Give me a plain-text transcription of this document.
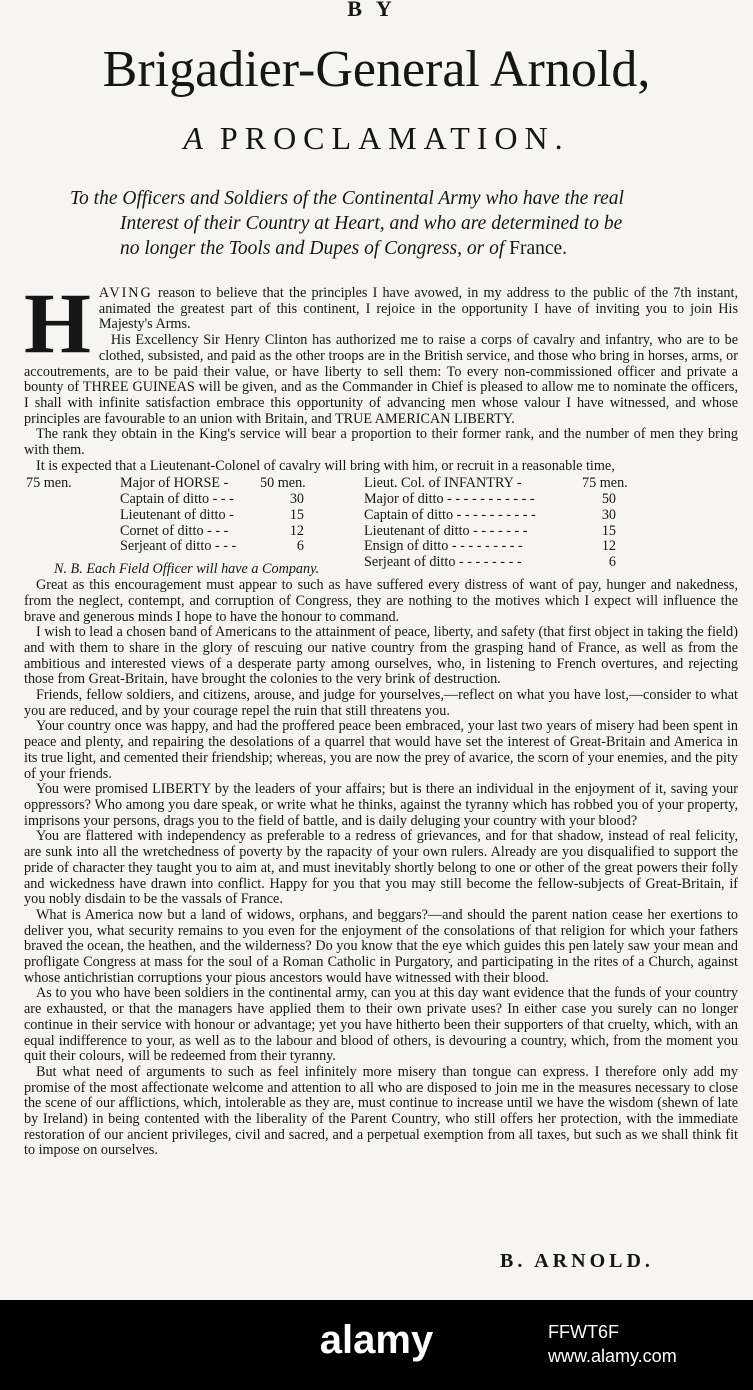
BY
Brigadier-General Arnold,
A PROCLAMATION.
To the Officers and Soldiers of the Continental Army who have the real
Interest of their Country at Heart, and who are determined to be
no longer the Tools and Dupes of Congress, or of France.

H AVING reason to believe that the principles I have avowed, in my address to the public of the 7th instant, animated the greatest part of this continent, I rejoice in the opportunity I have of inviting you to join His Majesty's Arms.

His Excellency Sir Henry Clinton has authorized me to raise a corps of cavalry and infantry, who are to be clothed, subsisted, and paid as the other troops are in the British service, and those who bring in horses, arms, or accoutrements, are to be paid their value, or have liberty to sell them: To every non-commissioned officer and private a bounty of THREE GUINEAS will be given, and as the Commander in Chief is pleased to allow me to nominate the officers, I shall with infinite satisfaction embrace this opportunity of advancing men whose valour I have witnessed, and whose principles are favourable to an union with Britain, and TRUE AMERICAN LIBERTY.

The rank they obtain in the King's service will bear a proportion to their former rank, and the number of men they bring with them.

It is expected that a Lieutenant-Colonel of cavalry will bring with him, or recruit in a reasonable time,

75 men.	Major of HORSE - 50 men.
Captain of ditto - - -	30
Lieutenant of ditto -	15
Cornet of ditto - - -	12
Serjeant of ditto - - -	6
Lieut. Col. of INFANTRY -	75 men.
Major of ditto - - - - - - - - - - -	50
Captain of ditto - - - - - - - - - -	30
Lieutenant of ditto - - - - - - -	15
Ensign of ditto - - - - - - - - -	12
Serjeant of ditto - - - - - - - -	6
N. B. Each Field Officer will have a Company.

Great as this encouragement must appear to such as have suffered every distress of want of pay, hunger and nakedness, from the neglect, contempt, and corruption of Congress, they are nothing to the motives which I expect will influence the brave and generous minds I hope to have the honour to command.

I wish to lead a chosen band of Americans to the attainment of peace, liberty, and safety (that first object in taking the field) and with them to share in the glory of rescuing our native country from the grasping hand of France, as well as from the ambitious and interested views of a desperate party among ourselves, who, in listening to French overtures, and rejecting those from Great-Britain, have brought the colonies to the very brink of destruction.

Friends, fellow soldiers, and citizens, arouse, and judge for yourselves,—reflect on what you have lost,—consider to what you are reduced, and by your courage repel the ruin that still threatens you.

Your country once was happy, and had the proffered peace been embraced, your last two years of misery had been spent in peace and plenty, and repairing the desolations of a quarrel that would have set the interest of Great-Britain and America in its true light, and cemented their friendship; whereas, you are now the prey of avarice, the scorn of your enemies, and the pity of your friends.

You were promised LIBERTY by the leaders of your affairs; but is there an individual in the enjoyment of it, saving your oppressors? Who among you dare speak, or write what he thinks, against the tyranny which has robbed you of your property, imprisons your persons, drags you to the field of battle, and is daily deluging your country with your blood?

You are flattered with independency as preferable to a redress of grievances, and for that shadow, instead of real felicity, are sunk into all the wretchedness of poverty by the rapacity of your own rulers. Already are you disqualified to support the pride of character they taught you to aim at, and must inevitably shortly belong to one or other of the great powers their folly and wickedness have drawn into conflict. Happy for you that you may still become the fellow-subjects of Great-Britain, if you nobly disdain to be the vassals of France.

What is America now but a land of widows, orphans, and beggars?—and should the parent nation cease her exertions to deliver you, what security remains to you even for the enjoyment of the consolations of that religion for which your fathers braved the ocean, the heathen, and the wilderness? Do you know that the eye which guides this pen lately saw your mean and profligate Congress at mass for the soul of a Roman Catholic in Purgatory, and participating in the rites of a Church, against whose antichristian corruptions your pious ancestors would have witnessed with their blood.

As to you who have been soldiers in the continental army, can you at this day want evidence that the funds of your country are exhausted, or that the managers have applied them to their own private uses? In either case you surely can no longer continue in their service with honour or advantage; yet you have hitherto been their supporters of that cruelty, which, with an equal indifference to your, as well as to the labour and blood of others, is devouring a country, which, from the moment you quit their colours, will be redeemed from their tyranny.

But what need of arguments to such as feel infinitely more misery than tongue can express. I therefore only add my promise of the most affectionate welcome and attention to all who are disposed to join me in the measures necessary to close the scene of our afflictions, which, intolerable as they are, must continue to increase until we have the wisdom (shewn of late by Ireland) in being contented with the liberality of the Parent Country, who still offers her protection, with the immediate restoration of our ancient privileges, civil and sacred, and a perpetual exemption from all taxes, but such as we shall think fit to impose on ourselves.

B. ARNOLD.
alamy	FFWT6F
www.alamy.com
